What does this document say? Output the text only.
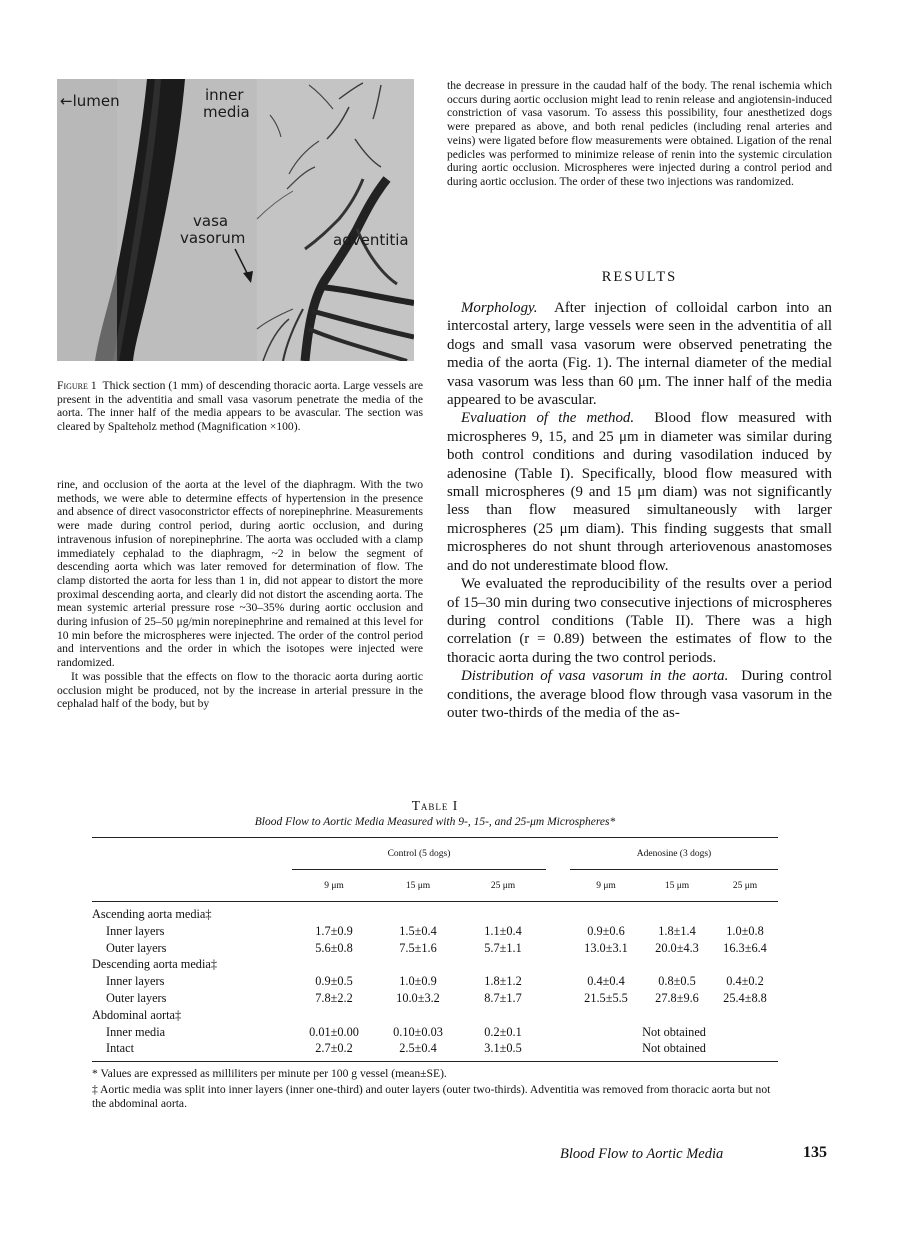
←lumen	inner
media
vasa
vasorum	adventitia

Figure 1 Thick section (1 mm) of descending thoracic aorta. Large vessels are present in the adventitia and small vasa vasorum penetrate the media of the aorta. The inner half of the media appears to be avascular. The section was cleared by Spalteholz method (Magnification ×100).

rine, and occlusion of the aorta at the level of the diaphragm. With the two methods, we were able to determine effects of hypertension in the presence and absence of direct vasoconstrictor effects of norepinephrine. Measurements were made during control period, during aortic occlusion, and during intravenous infusion of norepinephrine. The aorta was occluded with a clamp immediately cephalad to the diaphragm, ~2 in below the segment of descending aorta which was later removed for determination of flow. The clamp distorted the aorta for less than 1 in, did not appear to distort the more proximal descending aorta, and clearly did not distort the ascending aorta. The mean systemic arterial pressure rose ~30–35% during aortic occlusion and during infusion of 25–50 μg/min norepinephrine and remained at this level for 10 min before the microspheres were injected. The order of the control period and interventions and the order in which the isotopes were injected were randomized.

It was possible that the effects on flow to the thoracic aorta during aortic occlusion might be produced, not by the increase in arterial pressure in the cephalad half of the body, but by

the decrease in pressure in the caudad half of the body. The renal ischemia which occurs during aortic occlusion might lead to renin release and angiotensin-induced constriction of vasa vasorum. To assess this possibility, four anesthetized dogs were prepared as above, and both renal pedicles (including renal arteries and veins) were ligated before flow measurements were obtained. Ligation of the renal pedicles was performed to minimize release of renin into the systemic circulation during aortic occlusion. Microspheres were injected during a control period and during aortic occlusion. The order of these two injections was randomized.

RESULTS

Morphology. After injection of colloidal carbon into an intercostal artery, large vessels were seen in the adventitia of all dogs and small vasa vasorum were observed penetrating the media of the aorta (Fig. 1). The internal diameter of the medial vasa vasorum was less than 60 μm. The inner half of the media appeared to be avascular.

Evaluation of the method. Blood flow measured with microspheres 9, 15, and 25 μm in diameter was similar during both control conditions and during vasodilation induced by adenosine (Table I). Specifically, blood flow measured with small microspheres (9 and 15 μm diam) was not significantly less than flow measured simultaneously with larger microspheres (25 μm diam). This finding suggests that small microspheres do not shunt through arteriovenous anastomoses and do not underestimate blood flow.

We evaluated the reproducibility of the results over a period of 15–30 min during two consecutive injections of microspheres during control conditions (Table II). There was a high correlation (r = 0.89) between the estimates of flow to the thoracic aorta during the two control periods.

Distribution of vasa vasorum in the aorta. During control conditions, the average blood flow through vasa vasorum in the outer two-thirds of the media of the as-

Table I
Blood Flow to Aortic Media Measured with 9-, 15-, and 25-μm Microspheres*
	Control (5 dogs)				Adenosine (3 dogs)		
	9 μm	15 μm	25 μm		9 μm	15 μm	25 μm

Ascending aorta media‡							
Inner layers	1.7±0.9	1.5±0.4	1.1±0.4		0.9±0.6	1.8±1.4	1.0±0.8
Outer layers	5.6±0.8	7.5±1.6	5.7±1.1		13.0±3.1	20.0±4.3	16.3±6.4
Descending aorta media‡							
Inner layers	0.9±0.5	1.0±0.9	1.8±1.2		0.4±0.4	0.8±0.5	0.4±0.2
Outer layers	7.8±2.2	10.0±3.2	8.7±1.7		21.5±5.5	27.8±9.6	25.4±8.8
Abdominal aorta‡							
Inner media	0.01±0.00	0.10±0.03	0.2±0.1		Not obtained		
Intact	2.7±0.2	2.5±0.4	3.1±0.5		Not obtained		
* Values are expressed as milliliters per minute per 100 g vessel (mean±SE).
‡ Aortic media was split into inner layers (inner one-third) and outer layers (outer two-thirds). Adventitia was removed from thoracic aorta but not the abdominal aorta.
Blood Flow to Aortic Media	135
